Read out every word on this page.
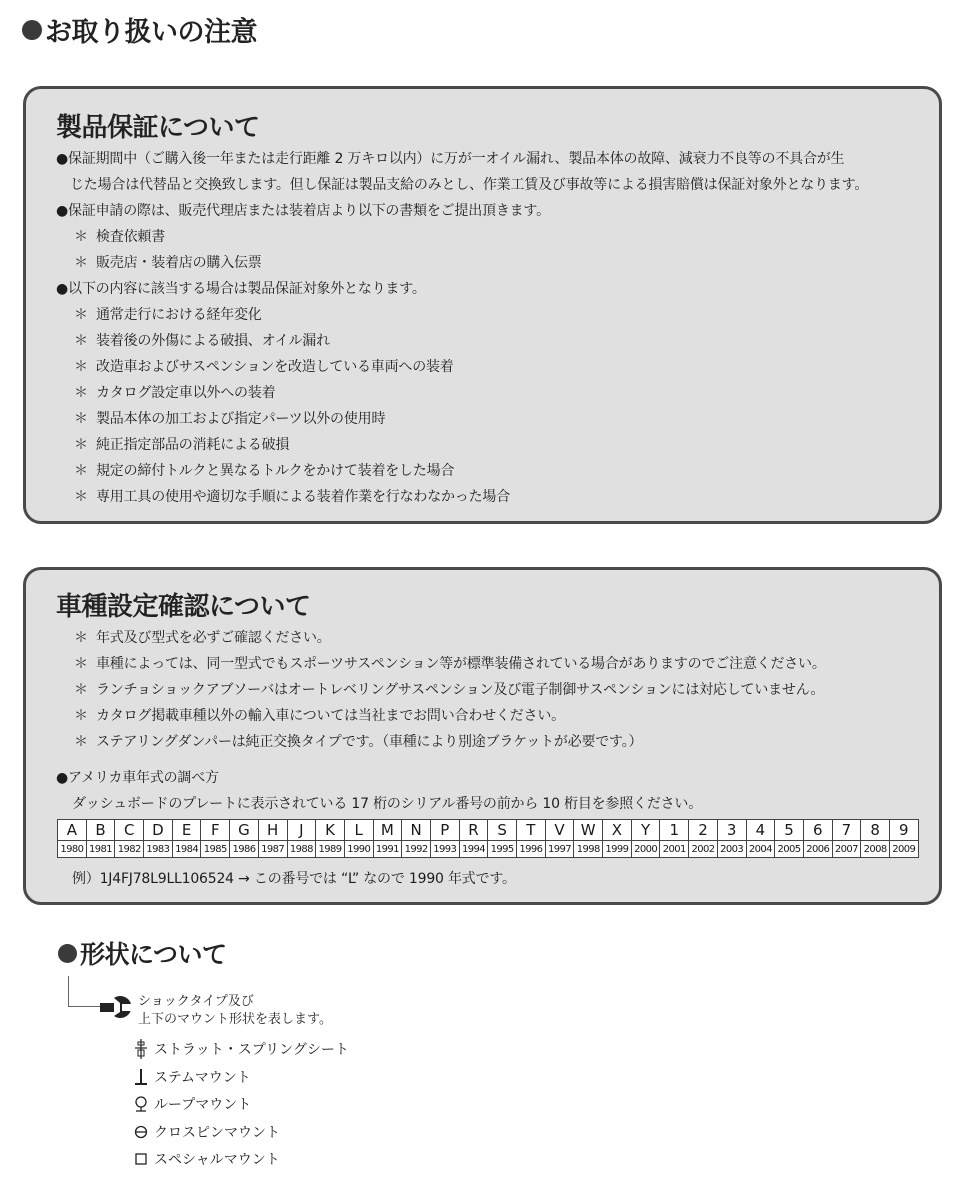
お取り扱いの注意
製品保証について
●保証期間中（ご購入後一年または走行距離 2 万キロ以内）に万が一オイル漏れ、製品本体の故障、減衰力不良等の不具合が生
じた場合は代替品と交換致します。但し保証は製品支給のみとし、作業工賃及び事故等による損害賠償は保証対象外となります。
●保証申請の際は、販売代理店または装着店より以下の書類をご提出頂きます。
＊ 検査依頼書
＊ 販売店・装着店の購入伝票
●以下の内容に該当する場合は製品保証対象外となります。
＊ 通常走行における経年変化
＊ 装着後の外傷による破損、オイル漏れ
＊ 改造車およびサスペンションを改造している車両への装着
＊ カタログ設定車以外への装着
＊ 製品本体の加工および指定パーツ以外の使用時
＊ 純正指定部品の消耗による破損
＊ 規定の締付トルクと異なるトルクをかけて装着をした場合
＊ 専用工具の使用や適切な手順による装着作業を行なわなかった場合
車種設定確認について
＊ 年式及び型式を必ずご確認ください。
＊ 車種によっては、同一型式でもスポーツサスペンション等が標準装備されている場合がありますのでご注意ください。
＊ ランチョショックアブソーバはオートレベリングサスペンション及び電子制御サスペンションには対応していません。
＊ カタログ掲載車種以外の輸入車については当社までお問い合わせください。
＊ ステアリングダンパーは純正交換タイプです。（車種により別途ブラケットが必要です。）
●アメリカ車年式の調べ方
ダッシュボードのプレートに表示されている 17 桁のシリアル番号の前から 10 桁目を参照ください。
A	B	C	D	E	F	G	H	J	K	L	M	N	P	R	S	T	V	W	X	Y	1	2	3	4	5	6	7	8	9
1980	1981	1982	1983	1984	1985	1986	1987	1988	1989	1990	1991	1992	1993	1994	1995	1996	1997	1998	1999	2000	2001	2002	2003	2004	2005	2006	2007	2008	2009
例）1J4FJ78L9LL106524 → この番号では “L” なので 1990 年式です。
形状について
ショックタイプ及び
上下のマウント形状を表します。
ストラット・スプリングシート
ステムマウント
ループマウント
クロスピンマウント
スペシャルマウント
